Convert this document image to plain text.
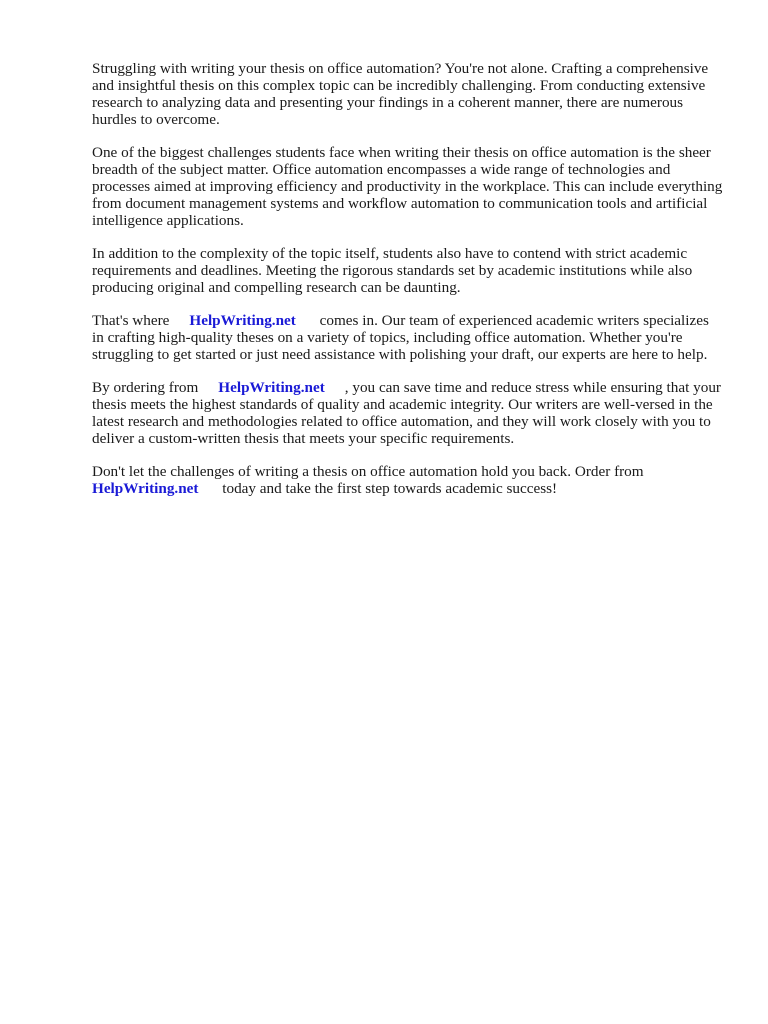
Struggling with writing your thesis on office automation? You're not alone. Crafting a comprehensive and insightful thesis on this complex topic can be incredibly challenging. From conducting extensive research to analyzing data and presenting your findings in a coherent manner, there are numerous hurdles to overcome.

One of the biggest challenges students face when writing their thesis on office automation is the sheer breadth of the subject matter. Office automation encompasses a wide range of technologies and processes aimed at improving efficiency and productivity in the workplace. This can include everything from document management systems and workflow automation to communication tools and artificial intelligence applications.

In addition to the complexity of the topic itself, students also have to contend with strict academic requirements and deadlines. Meeting the rigorous standards set by academic institutions while also producing original and compelling research can be daunting.

That's where HelpWriting.net comes in. Our team of experienced academic writers specializes in crafting high-quality theses on a variety of topics, including office automation. Whether you're struggling to get started or just need assistance with polishing your draft, our experts are here to help.

By ordering from HelpWriting.net , you can save time and reduce stress while ensuring that your thesis meets the highest standards of quality and academic integrity. Our writers are well-versed in the latest research and methodologies related to office automation, and they will work closely with you to deliver a custom-written thesis that meets your specific requirements.

Don't let the challenges of writing a thesis on office automation hold you back. Order from HelpWriting.net today and take the first step towards academic success!
